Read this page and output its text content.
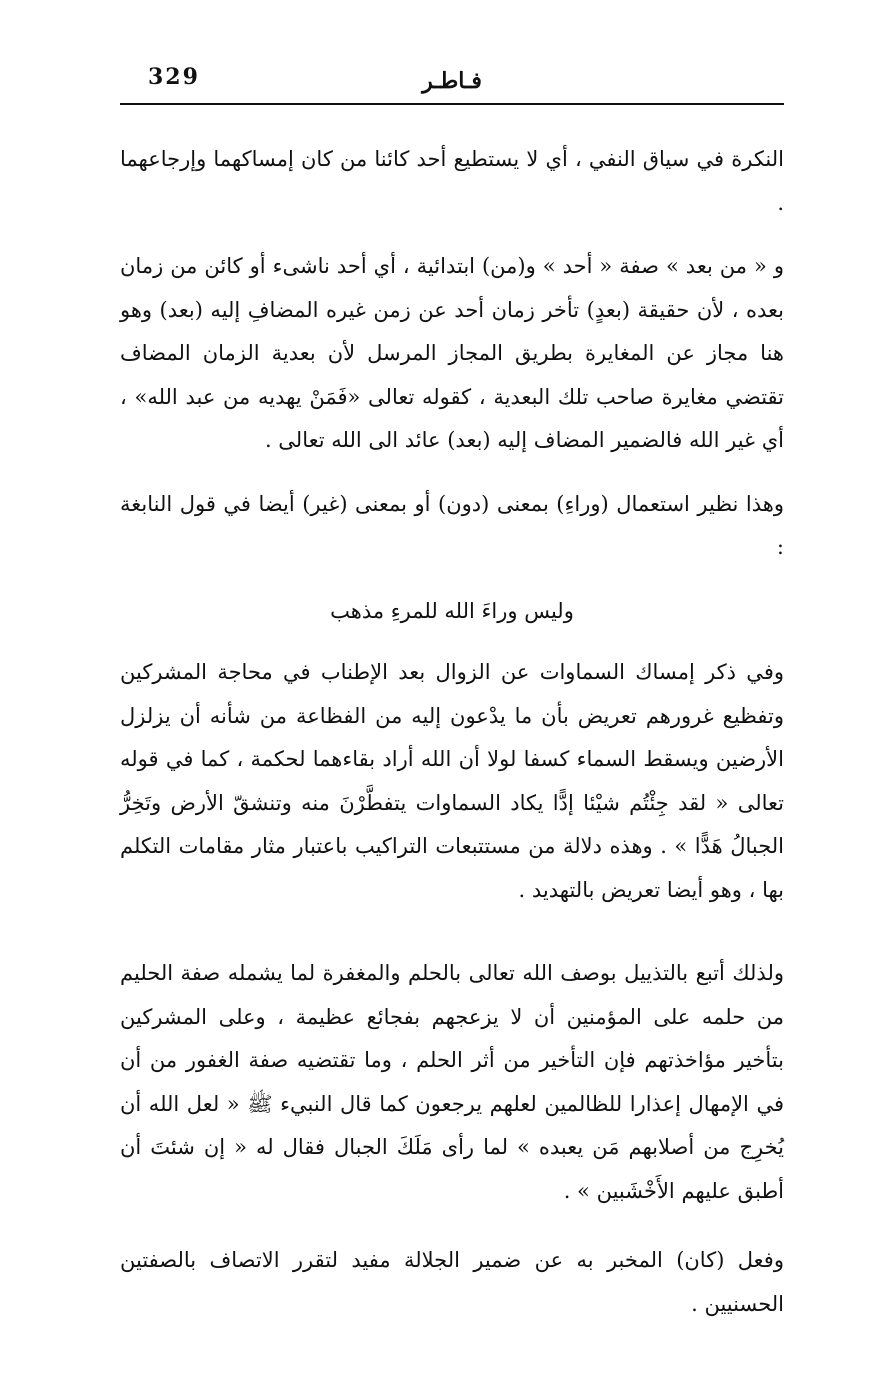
329	فـاطـر

النكرة في سياق النفي ، أي لا يستطيع أحد كائنا من كان إمساكهما وإرجاعهما .

و « من بعد » صفة « أحد » و(من) ابتدائية ، أي أحد ناشىء أو كائن من زمان بعده ، لأن حقيقة (بعدٍ) تأخر زمان أحد عن زمن غيره المضافِ إليه (بعد) وهو هنا مجاز عن المغايرة بطريق المجاز المرسل لأن بعدية الزمان المضاف تقتضي مغايرة صاحب تلك البعدية ، كقوله تعالى «فَمَنْ يهديه من عبد الله» ، أي غير الله فالضمير المضاف إليه (بعد) عائد الى الله تعالى .

وهذا نظير استعمال (وراءِ) بمعنى (دون) أو بمعنى (غير) أيضا في قول النابغة :

وليس وراءَ الله للمرءِ مذهب

وفي ذكر إمساك السماوات عن الزوال بعد الإطناب في محاجة المشركين وتفظيع غرورهم تعريض بأن ما يدْعون إليه من الفظاعة من شأنه أن يزلزل الأرضين ويسقط السماء كسفا لولا أن الله أراد بقاءهما لحكمة ، كما في قوله تعالى « لقد جِئْتُم شيْئا إدًّا يكاد السماوات يتفطَّرْنَ منه وتنشقّ الأرض وتَخِرُّ الجبالُ هَدًّا » . وهذه دلالة من مستتبعات التراكيب باعتبار مثار مقامات التكلم بها ، وهو أيضا تعريض بالتهديد .

ولذلك أتبع بالتذييل بوصف الله تعالى بالحلم والمغفرة لما يشمله صفة الحليم من حلمه على المؤمنين أن لا يزعجهم بفجائع عظيمة ، وعلى المشركين بتأخير مؤاخذتهم فإن التأخير من أثر الحلم ، وما تقتضيه صفة الغفور من أن في الإمهال إعذارا للظالمين لعلهم يرجعون كما قال النبيء ﷺ « لعل الله أن يُخرِج من أصلابهم مَن يعبده » لما رأى مَلَكَ الجبال فقال له « إن شئتَ أن أطبق عليهم الأَخْشَبين » .

وفعل (كان) المخبر به عن ضمير الجلالة مفيد لتقرر الاتصاف بالصفتين الحسنيين .
